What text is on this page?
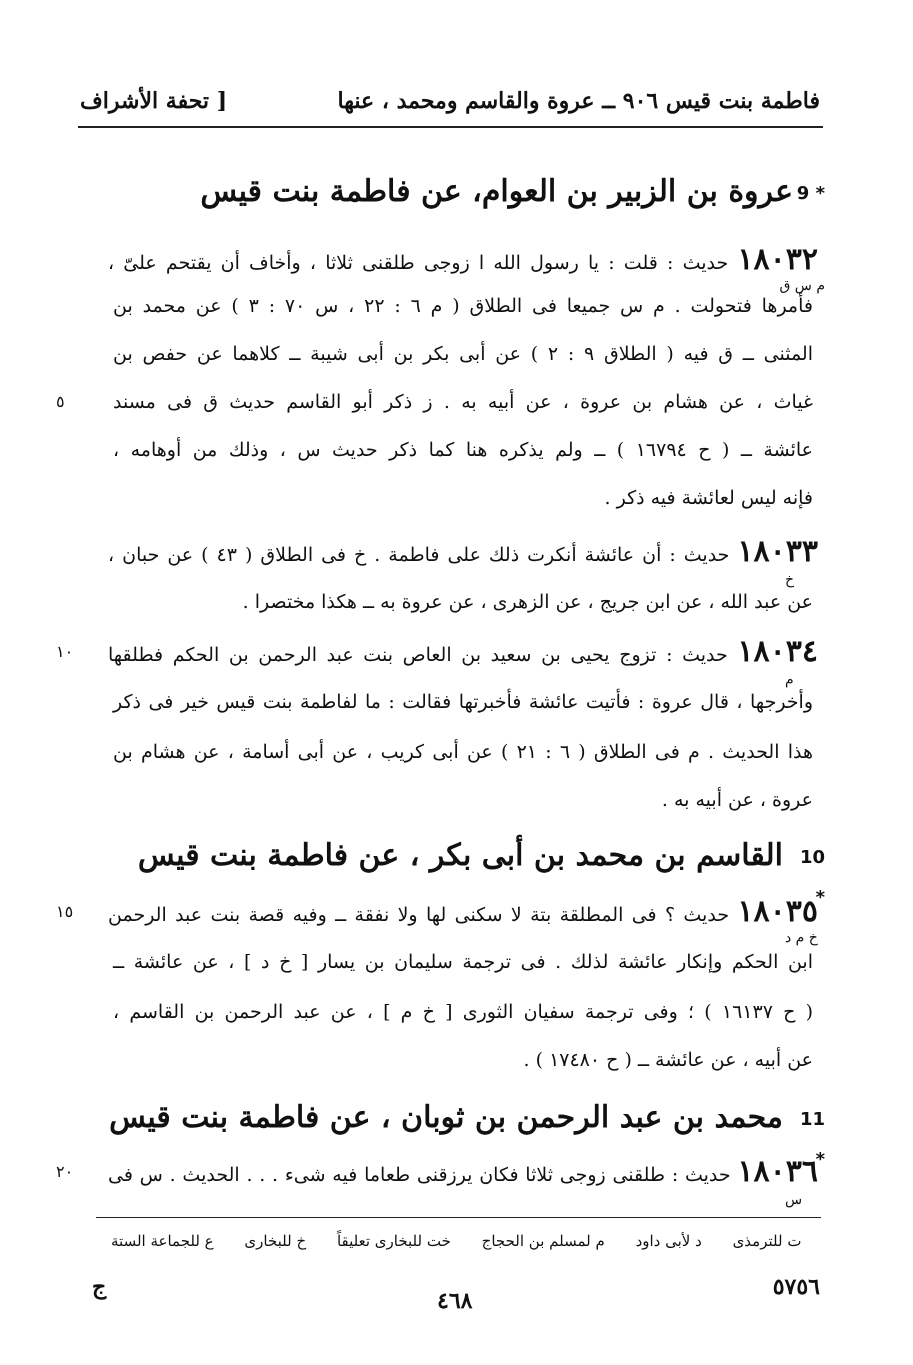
فاطمة بنت قيس ٩٠٦ ــ عروة والقاسم ومحمد ، عنها
[ تحفة الأشراف
9 *
عروة بن الزبير بن العوام، عن فاطمة بنت قيس
١٨٠٣٢ حديث : قلت : يا رسول الله ا زوجى طلقنى ثلاثا ، وأخاف أن يقتحم علىّ ،
م س ق
فأمرها فتحولت . م س جميعا فى الطلاق ( م ٦ : ٢٢ ، س ٧٠ : ٣ ) عن محمد بن
المثنى ــ ق فيه ( الطلاق ٩ : ٢ ) عن أبى بكر بن أبى شيبة ــ كلاهما عن حفص بن
غياث ، عن هشام بن عروة ، عن أبيه به . ز ذكر أبو القاسم حديث ق فى مسند
٥
عائشة ــ ( ح ١٦٧٩٤ ) ــ ولم يذكره هنا كما ذكر حديث س ، وذلك من أوهامه ،
فإنه ليس لعائشة فيه ذكر .
١٨٠٣٣ حديث : أن عائشة أنكرت ذلك على فاطمة . خ فى الطلاق ( ٤٣ ) عن حبان ،
خ
عن عبد الله ، عن ابن جريج ، عن الزهرى ، عن عروة به ــ هكذا مختصرا .
١٨٠٣٤ حديث : تزوج يحيى بن سعيد بن العاص بنت عبد الرحمن بن الحكم فطلقها
١٠
م
وأخرجها ، قال عروة : فأتيت عائشة فأخبرتها فقالت : ما لفاطمة بنت قيس خير فى ذكر
هذا الحديث . م فى الطلاق ( ٦ : ٢١ ) عن أبى كريب ، عن أبى أسامة ، عن هشام بن
عروة ، عن أبيه به .
10 *
القاسم بن محمد بن أبى بكر ، عن فاطمة بنت قيس
١٨٠٣٥ حديث ؟ فى المطلقة بتة لا سكنى لها ولا نفقة ــ وفيه قصة بنت عبد الرحمن
١٥
خ م د
ابن الحكم وإنكار عائشة لذلك . فى ترجمة سليمان بن يسار [ خ د ] ، عن عائشة ــ
( ح ١٦١٣٧ ) ؛ وفى ترجمة سفيان الثورى [ خ م ] ، عن عبد الرحمن بن القاسم ،
عن أبيه ، عن عائشة ــ ( ح ١٧٤٨٠ ) .
11 *
محمد بن عبد الرحمن بن ثوبان ، عن فاطمة بنت قيس
١٨٠٣٦ حديث : طلقنى زوجى ثلاثا فكان يرزقنى طعاما فيه شىء . . . الحديث . س فى
٢٠
س
ع للجماعة الستة خ للبخارى خت للبخارى تعليقاً م لمسلم بن الحجاج د لأبى داود ت للترمذى
٥٧٥٦
٤٦٨
ج
